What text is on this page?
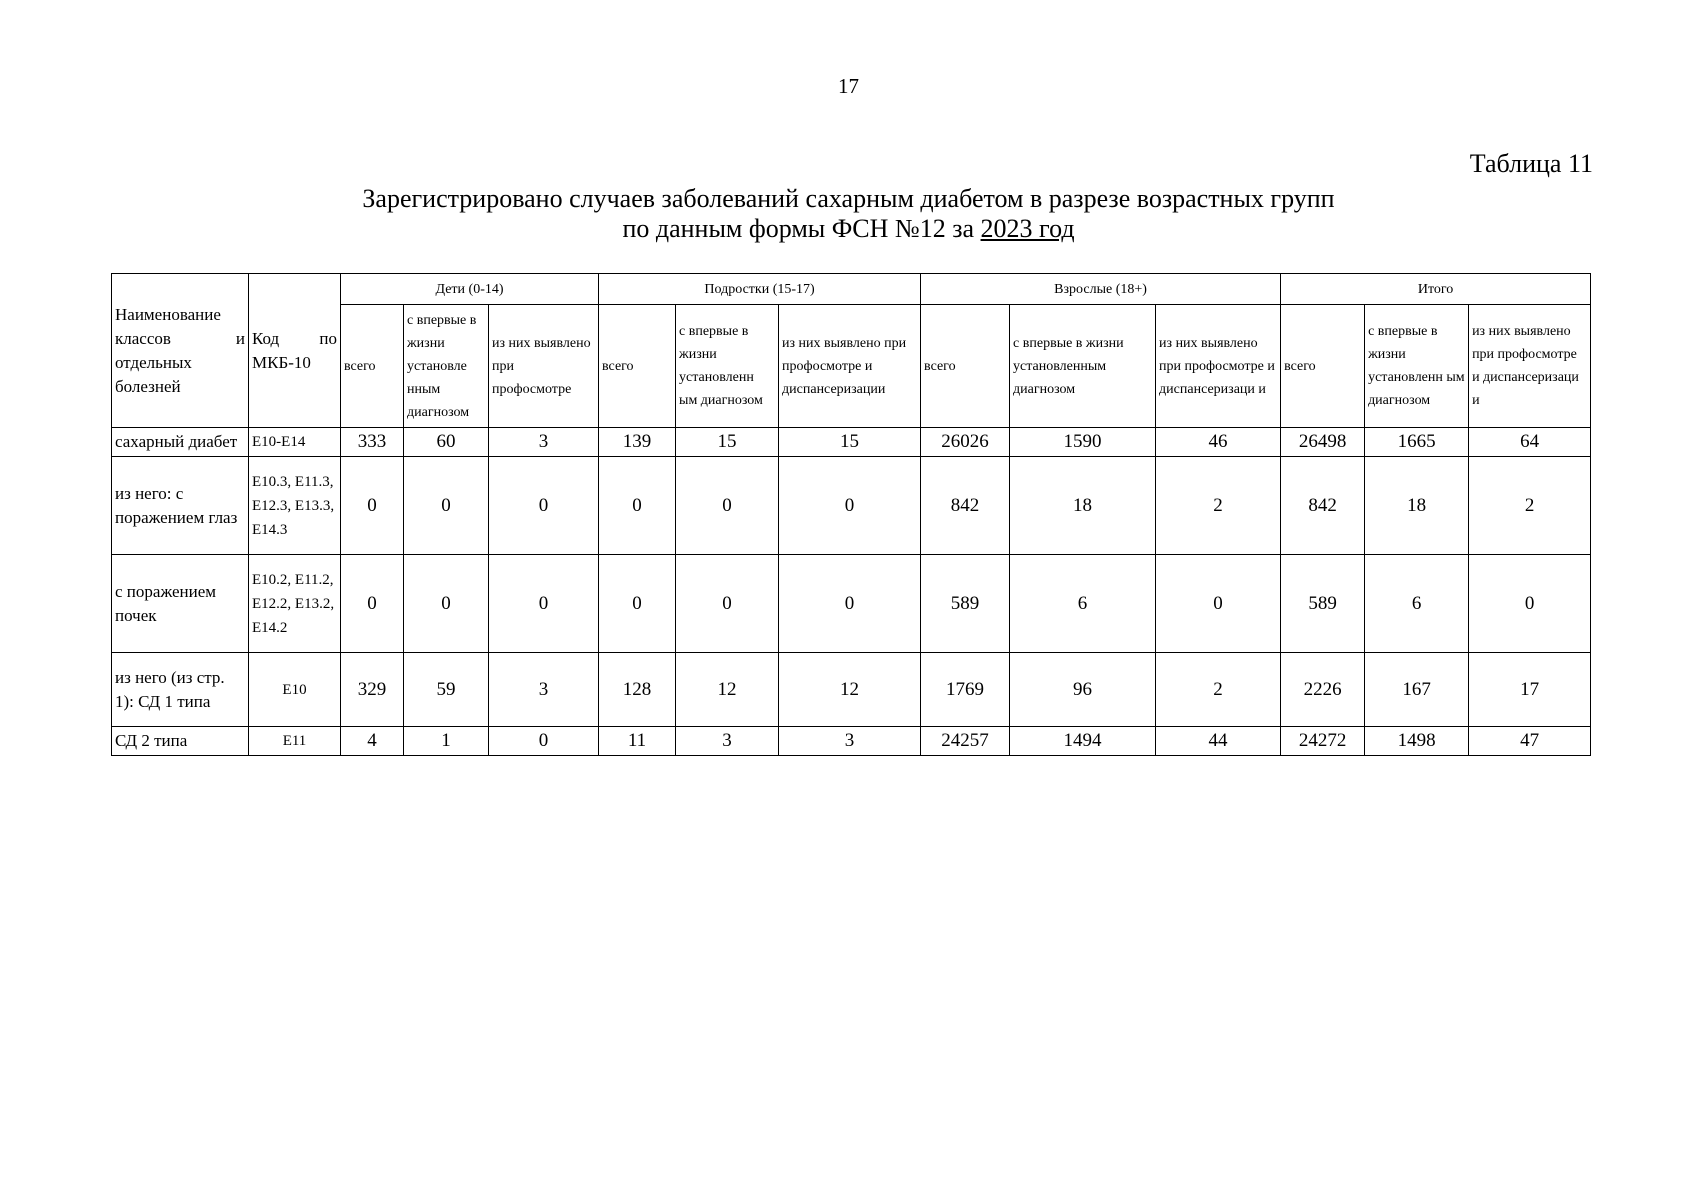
17
Таблица 11
Зарегистрировано случаев заболеваний сахарным диабетом в разрезе возрастных групп
по данным формы ФСН №12 за 2023 год
Наименование классов и отдельных болезней	Код по МКБ-10	Дети (0-14)			Подростки (15-17)			Взрослые (18+)			Итого		
		всего	с впервые в жизни установле нным диагнозом	из них выявлено при профосмотре	всего	с впервые в жизни установленн ым диагнозом	из них выявлено при профосмотре и диспансеризации	всего	с впервые в жизни установленным диагнозом	из них выявлено при профосмотре и диспансеризаци и	всего	с впервые в жизни установленн ым диагнозом	из них выявлено при профосмотре и диспансеризаци и
сахарный диабет	E10-E14	333	60	3	139	15	15	26026	1590	46	26498	1665	64
из него: с поражением глаз	E10.3, E11.3, E12.3, E13.3, E14.3	0	0	0	0	0	0	842	18	2	842	18	2
с поражением почек	E10.2, E11.2, E12.2, E13.2, E14.2	0	0	0	0	0	0	589	6	0	589	6	0
из него (из стр. 1): СД 1 типа	E10	329	59	3	128	12	12	1769	96	2	2226	167	17
СД 2 типа	E11	4	1	0	11	3	3	24257	1494	44	24272	1498	47
